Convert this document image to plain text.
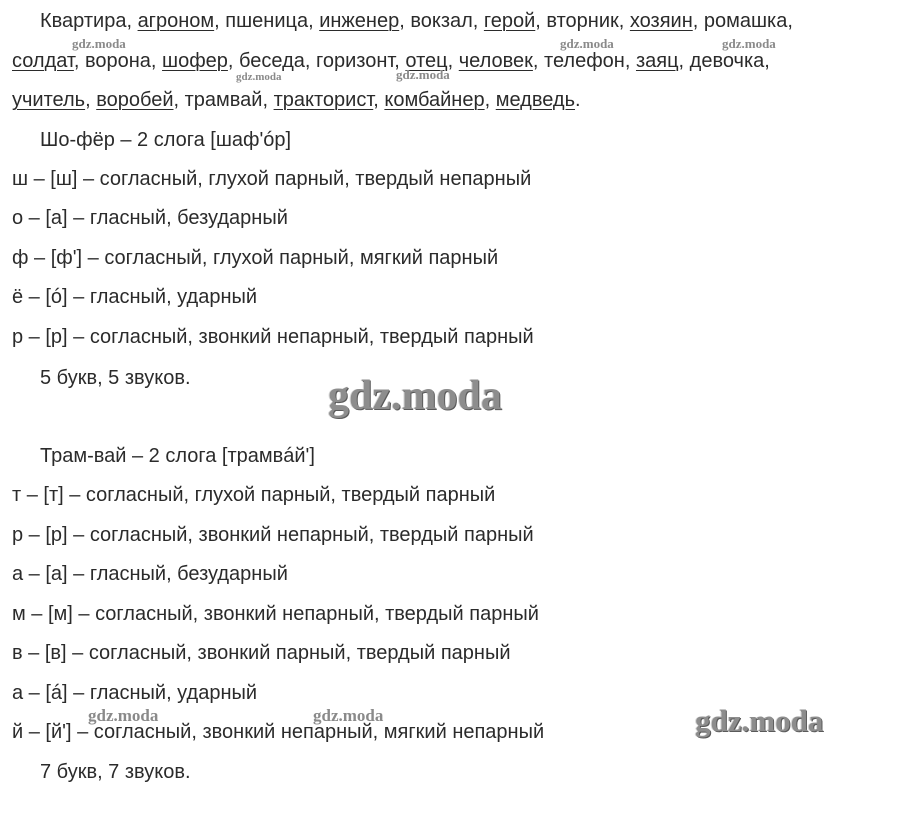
Квартира, агроном, пшеница, инженер, вокзал, герой, вторник, хозяин, ромашка,
солдат, ворона, шофер, беседа, горизонт, отец, человек, телефон, заяц, девочка,
учитель, воробей, трамвай, тракторист, комбайнер, медведь.
Шо-фёр – 2 слога [шаф'óр]
ш – [ш] – согласный, глухой парный, твердый непарный
о – [а] – гласный, безударный
ф – [ф'] – согласный, глухой парный, мягкий парный
ё – [ó] – гласный, ударный
р – [р] – согласный, звонкий непарный, твердый парный
5 букв, 5 звуков.
Трам-вай – 2 слога [трамвáй']
т – [т] – согласный, глухой парный, твердый парный
р – [р] – согласный, звонкий непарный, твердый парный
а – [а] – гласный, безударный
м – [м] – согласный, звонкий непарный, твердый парный
в – [в] – согласный, звонкий парный, твердый парный
а – [á] – гласный, ударный
й – [й'] – согласный, звонкий непарный, мягкий непарный
7 букв, 7 звуков.
gdz.moda	gdz.moda	gdz.moda
gdz.moda	gdz.moda
gdz.moda
gdz.moda	gdz.moda	gdz.moda
